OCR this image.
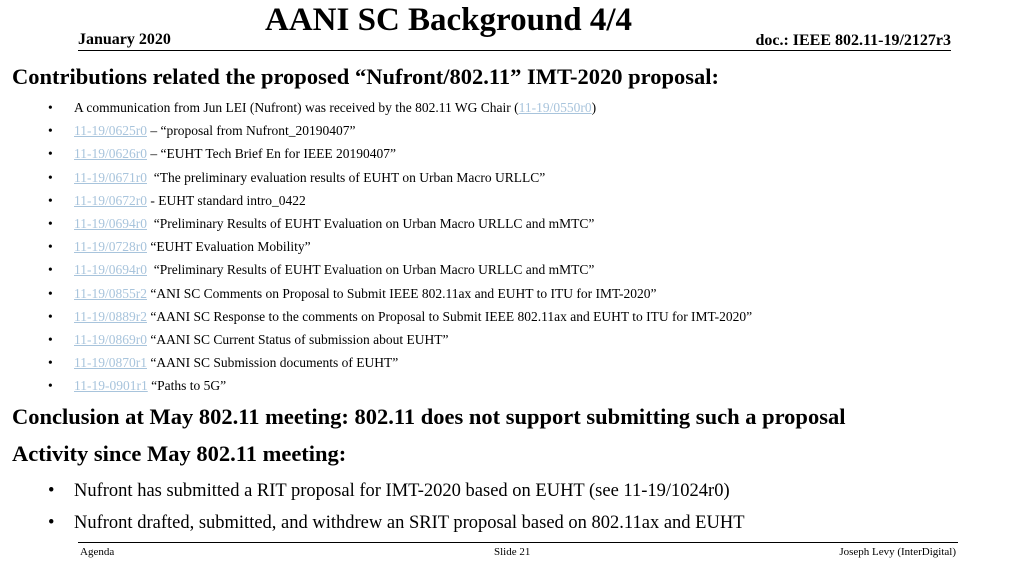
January 2020
AANI SC Background 4/4
doc.: IEEE 802.11-19/2127r3
Contributions related the proposed “Nufront/802.11” IMT-2020 proposal:
•	A communication from Jun LEI (Nufront) was received by the 802.11 WG Chair ( 11-19/0550r0 )
•	11-19/0625r0 – “proposal from Nufront_20190407”
•	11-19/0626r0 – “EUHT Tech Brief En for IEEE 20190407”
•	11-19/0671r0 “The preliminary evaluation results of EUHT on Urban Macro URLLC”
•	11-19/0672r0 - EUHT standard intro_0422
•	11-19/0694r0 “Preliminary Results of EUHT Evaluation on Urban Macro URLLC and mMTC”
•	11-19/0728r0 “EUHT Evaluation Mobility”
•	11-19/0694r0 “Preliminary Results of EUHT Evaluation on Urban Macro URLLC and mMTC”
•	11-19/0855r2 “ANI SC Comments on Proposal to Submit IEEE 802.11ax and EUHT to ITU for IMT-2020”
•	11-19/0889r2 “AANI SC Response to the comments on Proposal to Submit IEEE 802.11ax and EUHT to ITU for IMT-2020”
•	11-19/0869r0 “AANI SC Current Status of submission about EUHT”
•	11-19/0870r1 “AANI SC Submission documents of EUHT”
•	11-19-0901r1 “Paths to 5G”
Conclusion at May 802.11 meeting: 802.11 does not support submitting such a proposal
Activity since May 802.11 meeting:
•	Nufront has submitted a RIT proposal for IMT-2020 based on EUHT (see 11-19/1024r0)
•	Nufront drafted, submitted, and withdrew an SRIT proposal based on 802.11ax and EUHT
Agenda	Slide 21	Joseph Levy (InterDigital)
